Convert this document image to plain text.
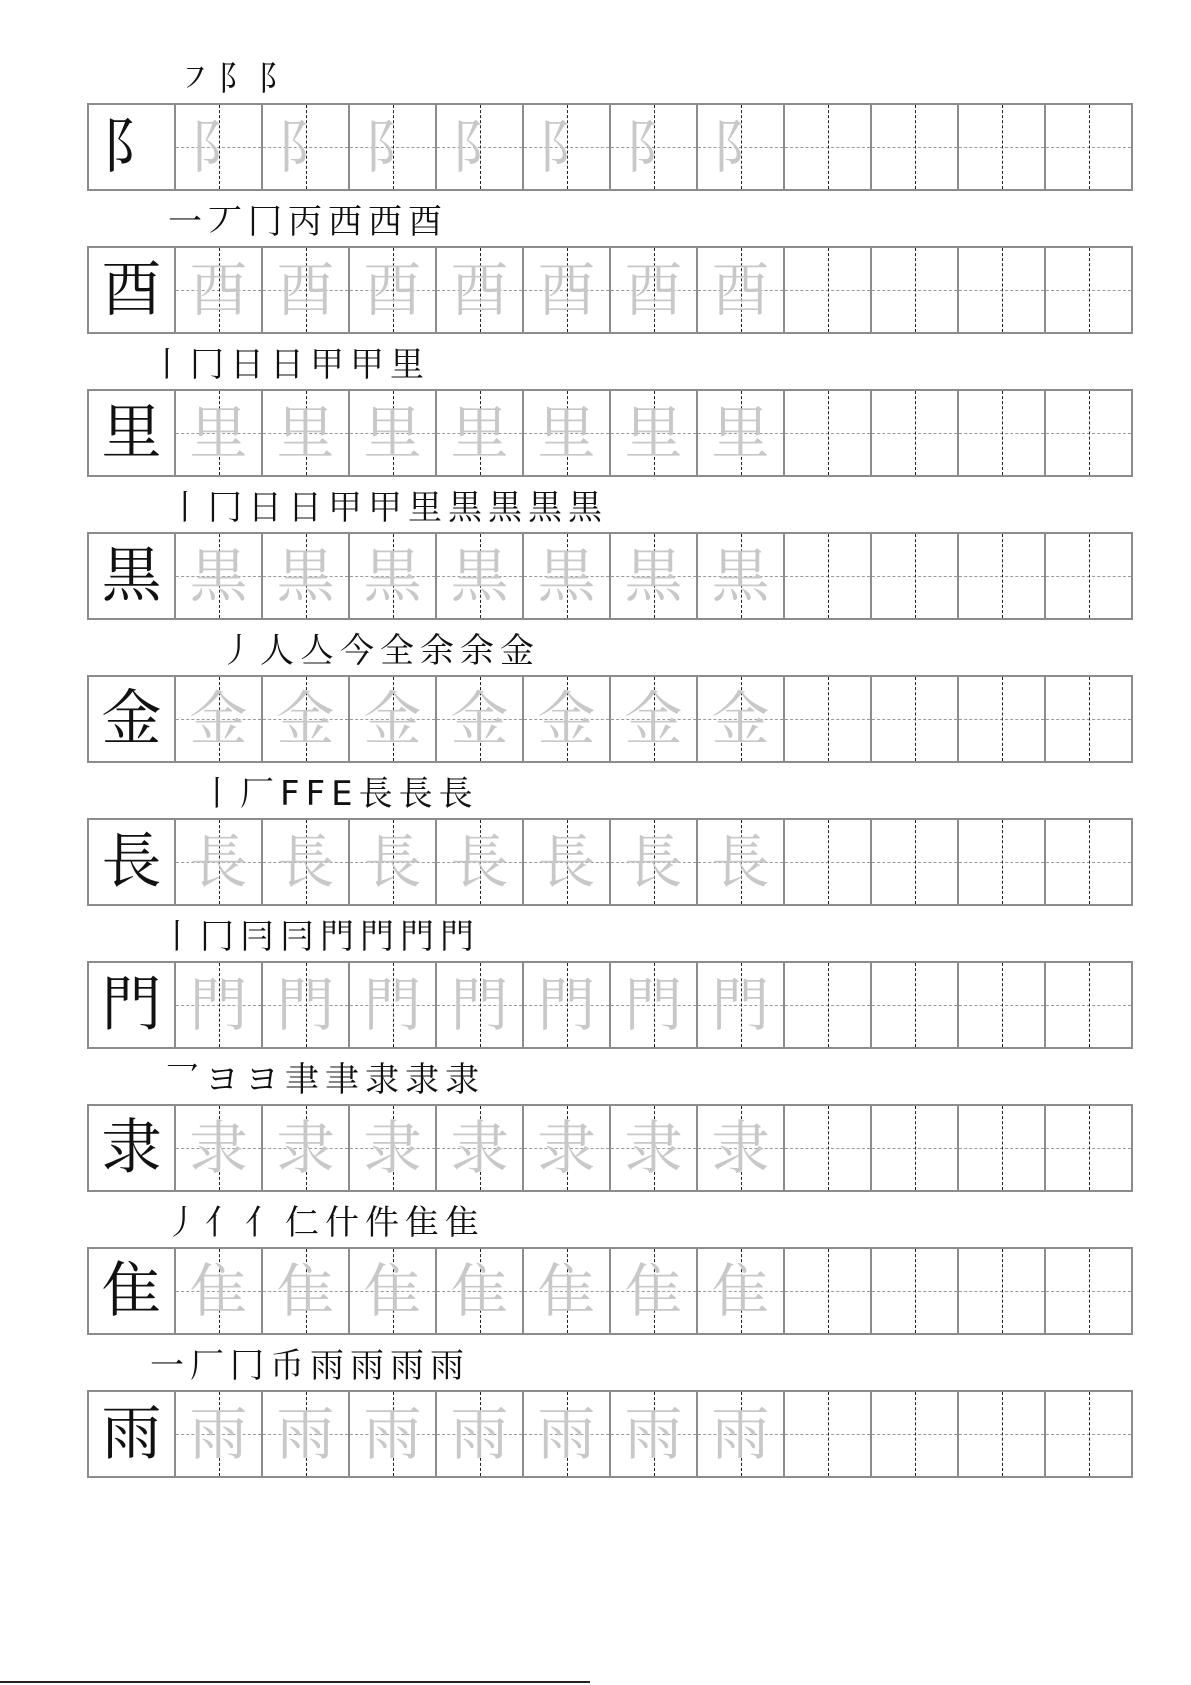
㇇ 阝 阝
阝 阝 阝 阝 阝 阝 阝 阝
一 丆 冂 丙 西 西 酉
酉 酉 酉 酉 酉 酉 酉 酉
丨 冂 日 日 甲 甲 里
里 里 里 里 里 里 里 里
丨 冂 日 日 甲 甲 里 黒 黒 黒 黒
黒 黒 黒 黒 黒 黒 黒 黒
丿 人 亼 今 全 余 余 金
金 金 金 金 金 金 金 金
丨 厂 F F E 長 長 長
長 長 長 長 長 長 長 長
丨 冂 冃 冃 門 門 門 門
門 門 門 門 門 門 門 門
乛 ヨ ヨ 聿 聿 隶 隶 隶
隶 隶 隶 隶 隶 隶 隶 隶
丿 亻 亻 仁 什 件 隹 隹
隹 隹 隹 隹 隹 隹 隹 隹
一 厂 冂 币 雨 雨 雨 雨
雨 雨 雨 雨 雨 雨 雨 雨
